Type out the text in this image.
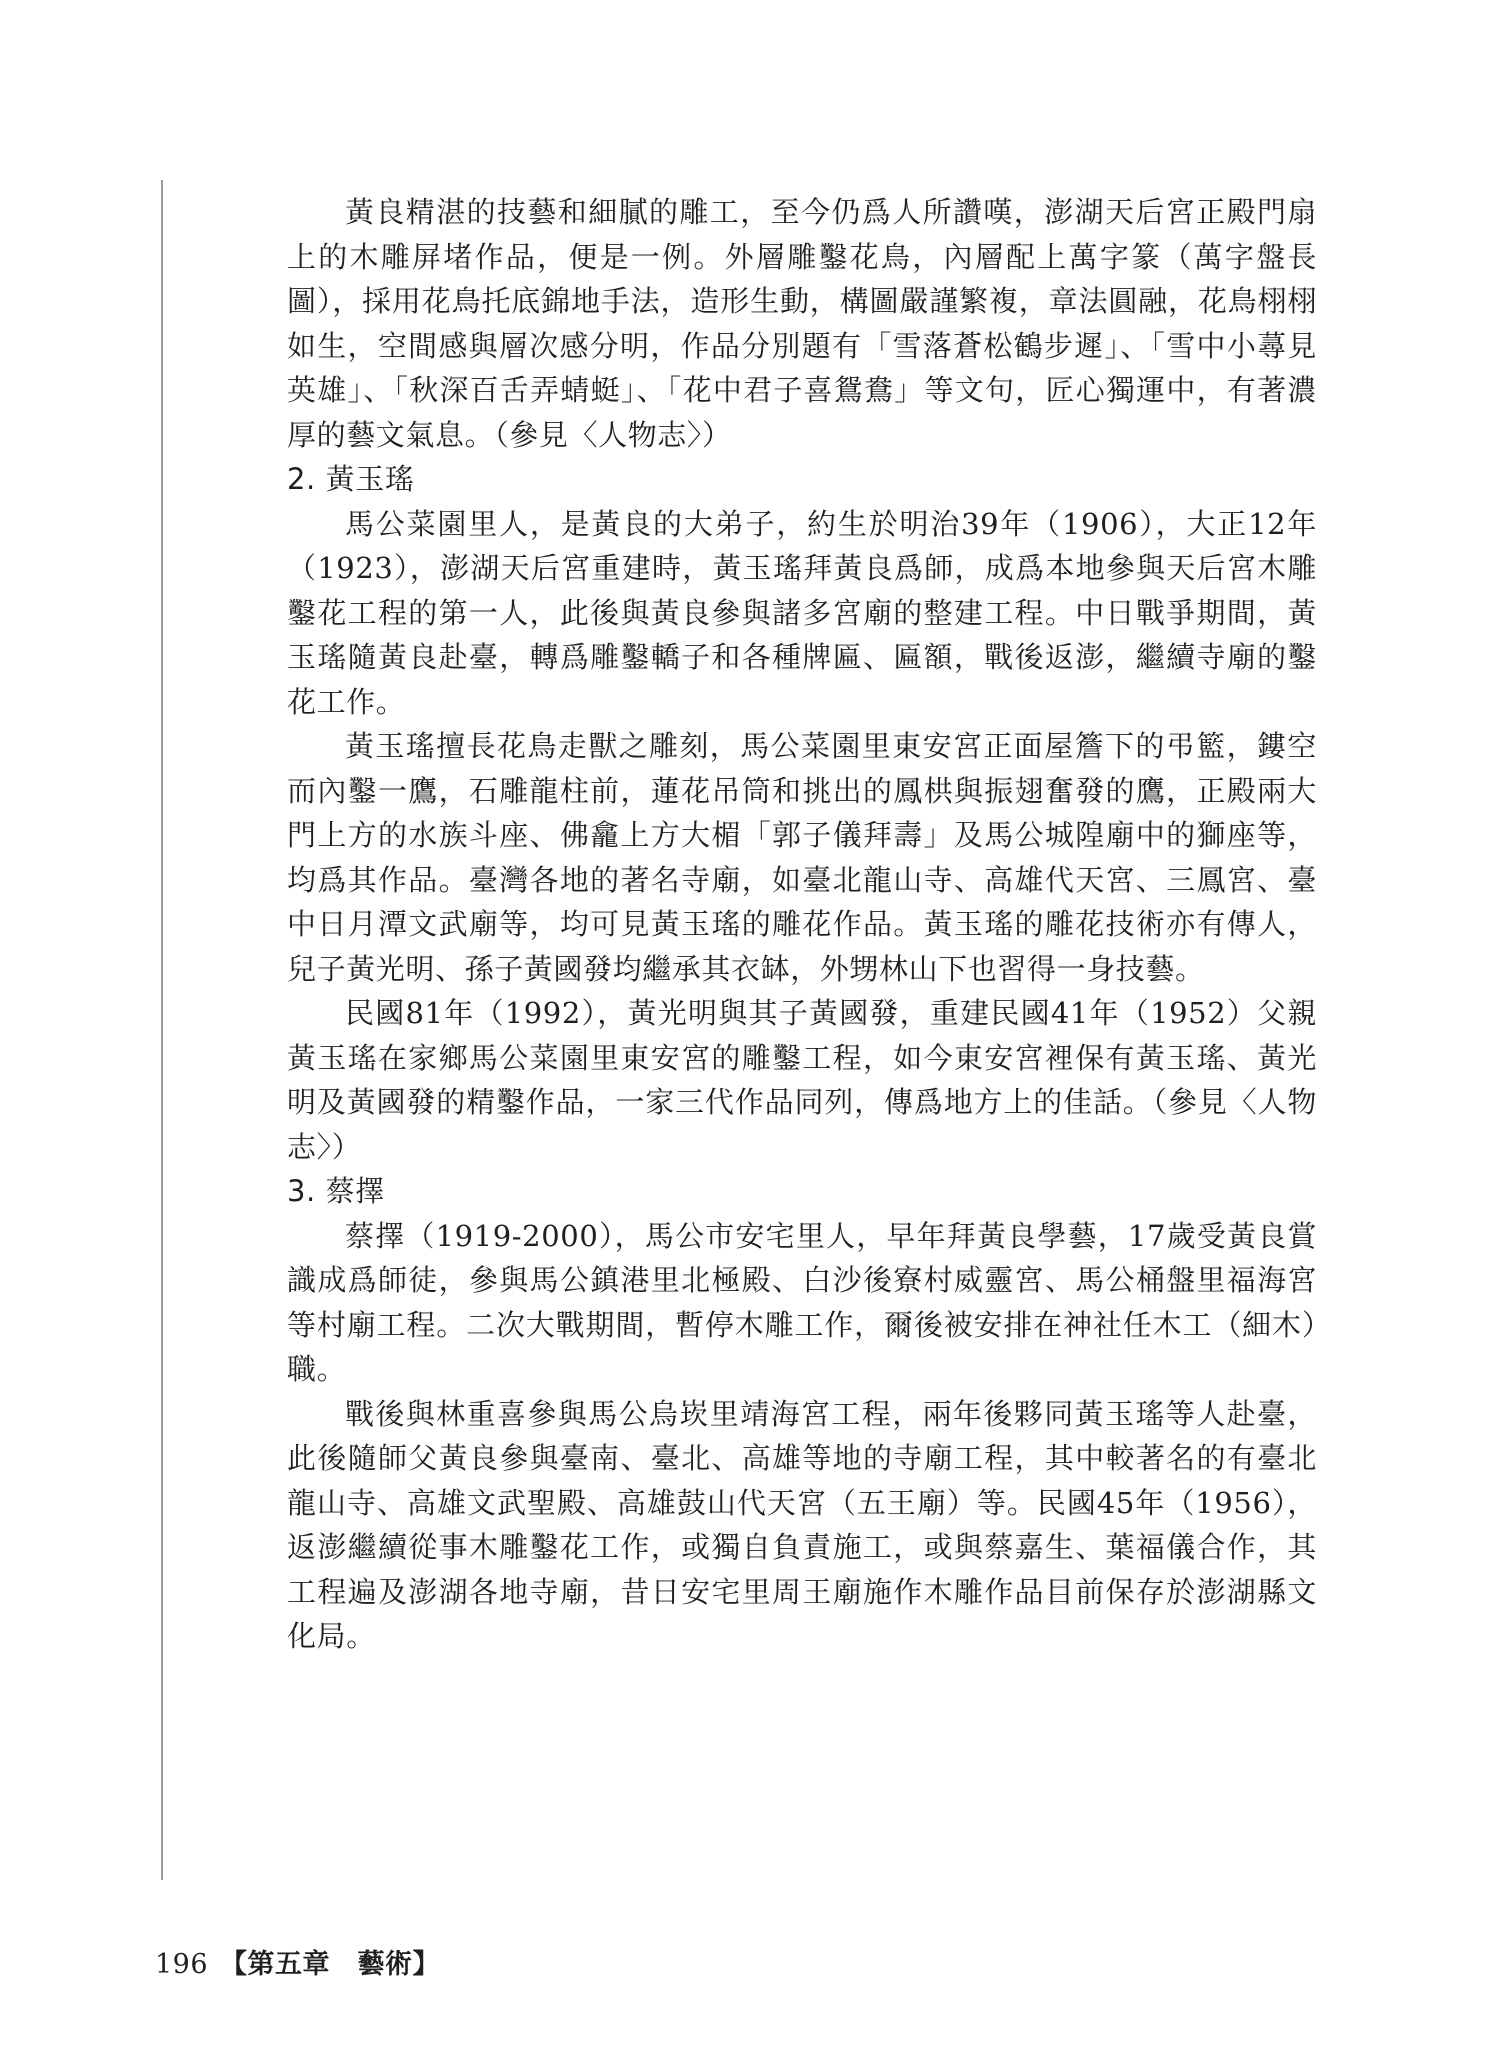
黃良精湛的技藝和細膩的雕工，至今仍爲人所讚嘆，澎湖天后宮正殿門扇上的木雕屏堵作品，便是一例。外層雕鑿花鳥，內層配上萬字篆（萬字盤長圖），採用花鳥托底錦地手法，造形生動，構圖嚴謹繁複，章法圓融，花鳥栩栩如生，空間感與層次感分明，作品分別題有「雪落蒼松鶴步遲」、「雪中小蕁見英雄」、「秋深百舌弄蜻蜓」、「花中君子喜鴛鴦」等文句，匠心獨運中，有著濃厚的藝文氣息。（參見〈人物志〉）

2. 黃玉瑤

馬公菜園里人，是黃良的大弟子，約生於明治39年（1906），大正12年（1923），澎湖天后宮重建時，黃玉瑤拜黃良爲師，成爲本地參與天后宮木雕鑿花工程的第一人，此後與黃良參與諸多宮廟的整建工程。中日戰爭期間，黃玉瑤隨黃良赴臺，轉爲雕鑿轎子和各種牌匾、匾額，戰後返澎，繼續寺廟的鑿花工作。

黃玉瑤擅長花鳥走獸之雕刻，馬公菜園里東安宮正面屋簷下的弔籃，鏤空而內鑿一鷹，石雕龍柱前，蓮花吊筒和挑出的鳳栱與振翅奮發的鷹，正殿兩大門上方的水族斗座、佛龕上方大楣「郭子儀拜壽」及馬公城隍廟中的獅座等，均爲其作品。臺灣各地的著名寺廟，如臺北龍山寺、高雄代天宮、三鳳宮、臺中日月潭文武廟等，均可見黃玉瑤的雕花作品。黃玉瑤的雕花技術亦有傳人，兒子黃光明、孫子黃國發均繼承其衣缽，外甥林山下也習得一身技藝。

民國81年（1992），黃光明與其子黃國發，重建民國41年（1952）父親黃玉瑤在家鄉馬公菜園里東安宮的雕鑿工程，如今東安宮裡保有黃玉瑤、黃光明及黃國發的精鑿作品，一家三代作品同列，傳爲地方上的佳話。（參見〈人物志〉）

3. 蔡擇

蔡擇（1919-2000），馬公市安宅里人，早年拜黃良學藝，17歲受黃良賞識成爲師徒，參與馬公鎮港里北極殿、白沙後寮村威靈宮、馬公桶盤里福海宮等村廟工程。二次大戰期間，暫停木雕工作，爾後被安排在神社任木工（細木）職。

戰後與林重喜參與馬公烏崁里靖海宮工程，兩年後夥同黃玉瑤等人赴臺，此後隨師父黃良參與臺南、臺北、高雄等地的寺廟工程，其中較著名的有臺北龍山寺、高雄文武聖殿、高雄鼓山代天宮（五王廟）等。民國45年（1956），返澎繼續從事木雕鑿花工作，或獨自負責施工，或與蔡嘉生、葉福儀合作，其工程遍及澎湖各地寺廟，昔日安宅里周王廟施作木雕作品目前保存於澎湖縣文化局。

196 【第五章　藝術】
